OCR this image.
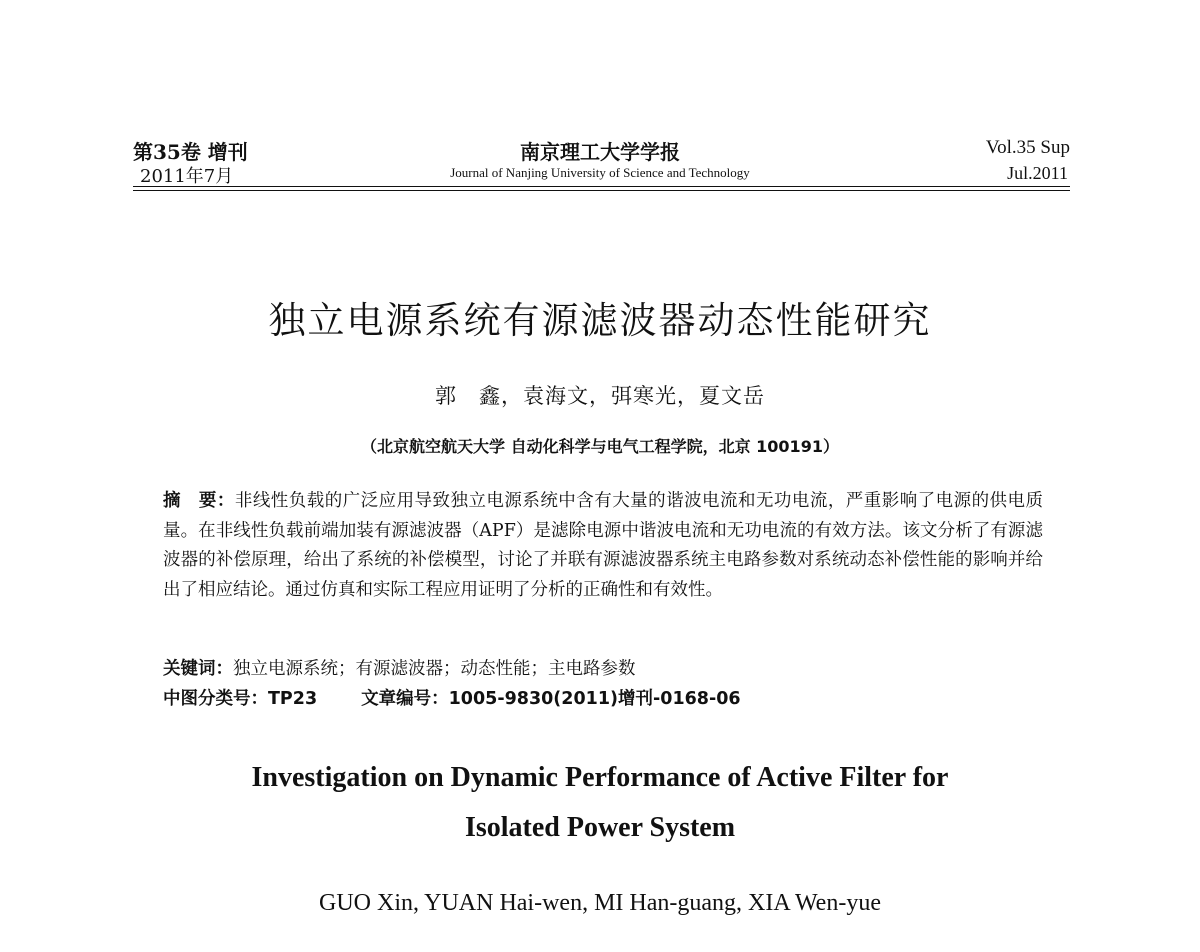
第35卷 增刊
2011年7月
南京理工大学学报
Journal of Nanjing University of Science and Technology
Vol.35 Sup
Jul.2011
独立电源系统有源滤波器动态性能研究
郭　鑫，袁海文，弭寒光，夏文岳
（北京航空航天大学 自动化科学与电气工程学院，北京 100191）
摘　要：非线性负载的广泛应用导致独立电源系统中含有大量的谐波电流和无功电流，严重影响了电源的供电质量。在非线性负载前端加装有源滤波器（APF）是滤除电源中谐波电流和无功电流的有效方法。该文分析了有源滤波器的补偿原理，给出了系统的补偿模型，讨论了并联有源滤波器系统主电路参数对系统动态补偿性能的影响并给出了相应结论。通过仿真和实际工程应用证明了分析的正确性和有效性。
关键词：独立电源系统；有源滤波器；动态性能；主电路参数
中图分类号：TP23	文章编号：1005-9830(2011)增刊-0168-06
Investigation on Dynamic Performance of Active Filter for
Isolated Power System
GUO Xin, YUAN Hai-wen, MI Han-guang, XIA Wen-yue
